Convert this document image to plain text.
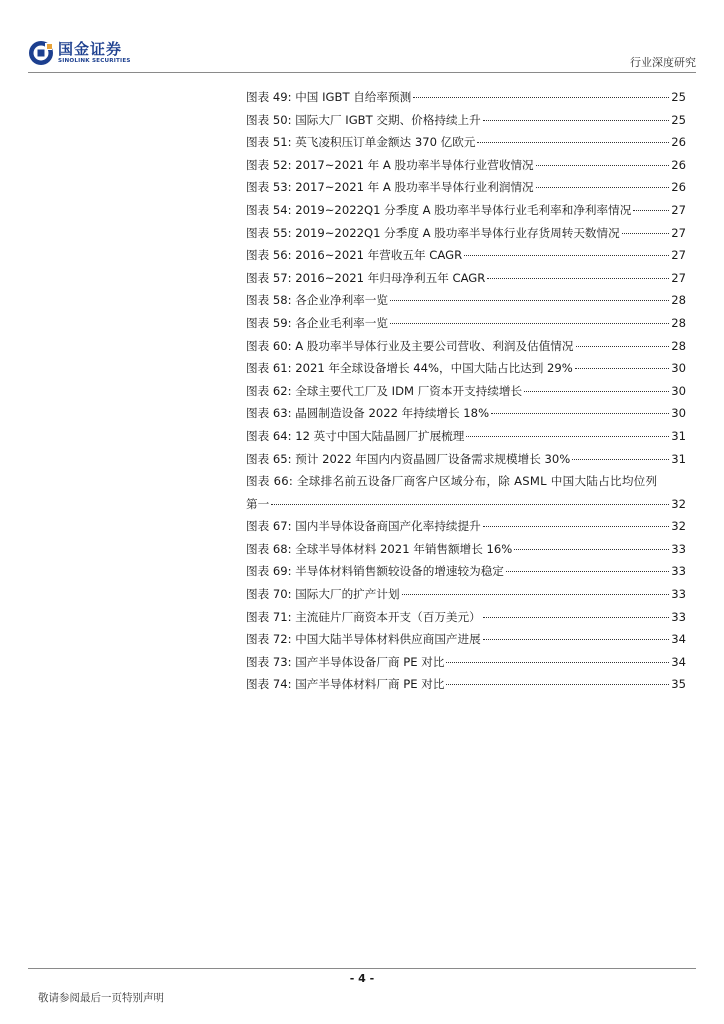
国金证券
SINOLINK SECURITIES	行业深度研究
图表 49: 中国 IGBT 自给率预测	25
图表 50: 国际大厂 IGBT 交期、价格持续上升	25
图表 51: 英飞凌积压订单金额达 370 亿欧元	26
图表 52: 2017~2021 年 A 股功率半导体行业营收情况	26
图表 53: 2017~2021 年 A 股功率半导体行业利润情况	26
图表 54: 2019~2022Q1 分季度 A 股功率半导体行业毛利率和净利率情况	27
图表 55: 2019~2022Q1 分季度 A 股功率半导体行业存货周转天数情况	27
图表 56: 2016~2021 年营收五年 CAGR	27
图表 57: 2016~2021 年归母净利五年 CAGR	27
图表 58: 各企业净利率一览	28
图表 59: 各企业毛利率一览	28
图表 60: A 股功率半导体行业及主要公司营收、利润及估值情况	28
图表 61: 2021 年全球设备增长 44%，中国大陆占比达到 29%	30
图表 62: 全球主要代工厂及 IDM 厂资本开支持续增长	30
图表 63: 晶圆制造设备 2022 年持续增长 18%	30
图表 64: 12 英寸中国大陆晶圆厂扩展梳理	31
图表 65: 预计 2022 年国内内资晶圆厂设备需求规模增长 30%	31
图表 66: 全球排名前五设备厂商客户区域分布，除 ASML 中国大陆占比均位列
第一	32
图表 67: 国内半导体设备商国产化率持续提升	32
图表 68: 全球半导体材料 2021 年销售额增长 16%	33
图表 69: 半导体材料销售额较设备的增速较为稳定	33
图表 70: 国际大厂的扩产计划	33
图表 71: 主流硅片厂商资本开支（百万美元）	33
图表 72: 中国大陆半导体材料供应商国产进展	34
图表 73: 国产半导体设备厂商 PE 对比	34
图表 74: 国产半导体材料厂商 PE 对比	35
- 4 -
敬请参阅最后一页特别声明
